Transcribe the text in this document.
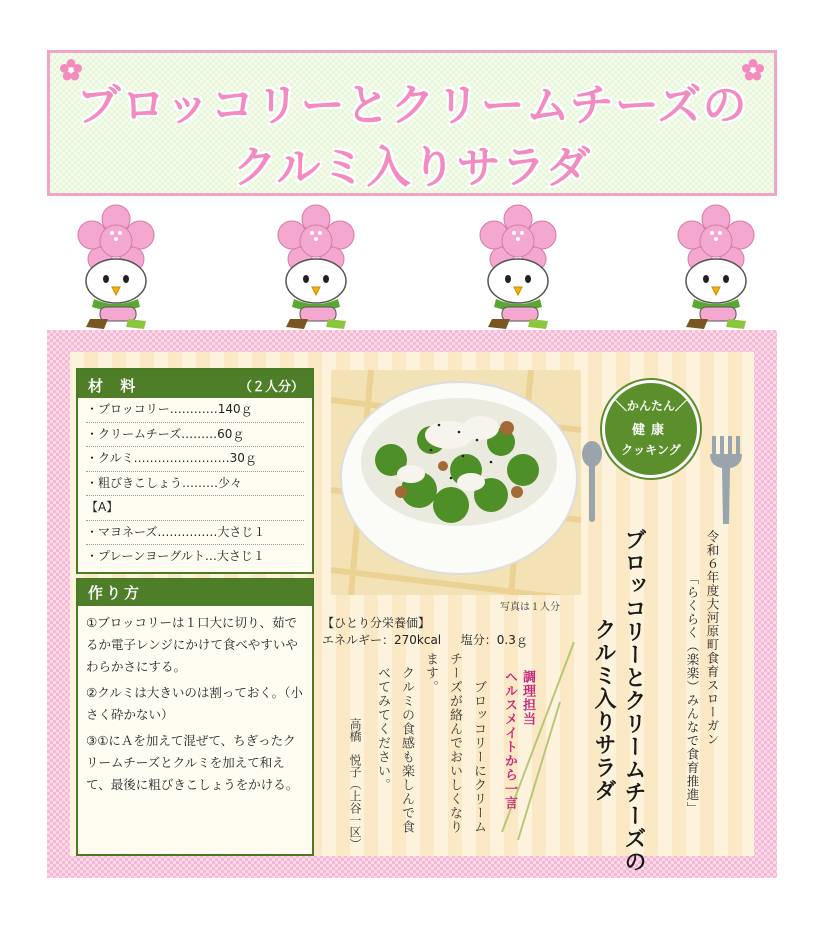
ブロッコリーとクリームチーズの
クルミ入りサラダ
材 料	（２人分）
・ブロッコリー…………140ｇ
・クリームチーズ………60ｇ
・クルミ……………………30ｇ
・粗びきこしょう………少々
【A】
・マヨネーズ……………大さじ１
・プレーンヨーグルト…大さじ１
作り方
①ブロッコリーは１口大に切り、茹でるか電子レンジにかけて食べやすいやわらかさにする。
②クルミは大きいのは割っておく。（小さく砕かない）
③①にＡを加えて混ぜて、ちぎったクリームチーズとクルミを加えて和えて、最後に粗びきこしょうをかける。
写真は１人分
【ひとり分栄養価】
エネルギー：270kcal 塩分：0.3ｇ
調理担当
ヘルスメイトから一言
ブロッコリーにクリーム
チーズが絡んでおいしくなり
ます。
クルミの食感も楽しんで食
べてみてください。
高橋　悦子（上谷一区）
＼かんたん／
健康
クッキング
ブロッコリーとクリームチーズの
クルミ入りサラダ	令和６年度大河原町食育スローガン
「らくらく（楽楽）みんなで食育推進」
